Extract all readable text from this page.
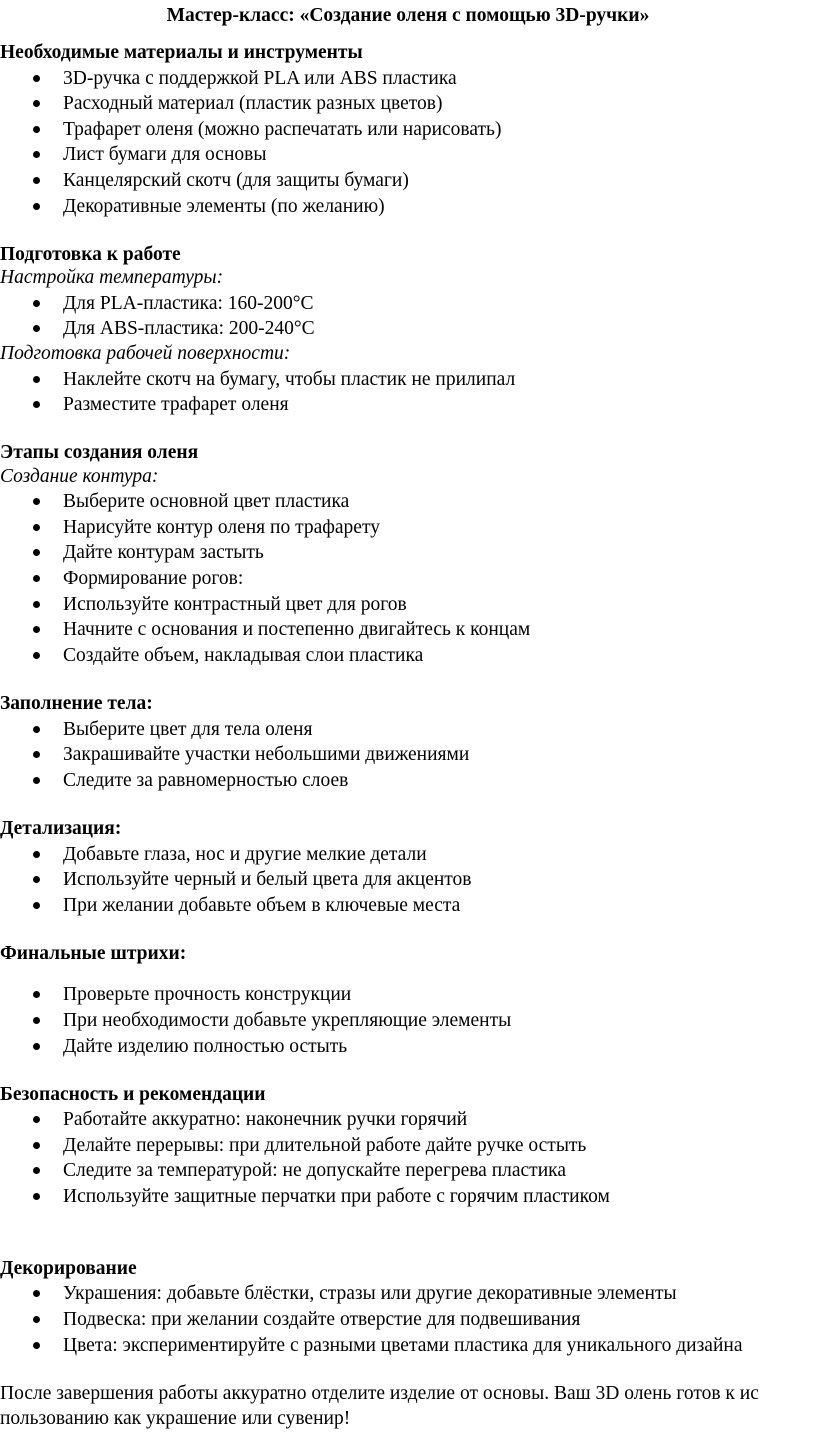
Мастер-класс: «Создание оленя с помощью 3D-ручки»
Необходимые материалы и инструменты
3D-ручка с поддержкой PLA или ABS пластика
Расходный материал (пластик разных цветов)
Трафарет оленя (можно распечатать или нарисовать)
Лист бумаги для основы
Канцелярский скотч (для защиты бумаги)
Декоративные элементы (по желанию)
Подготовка к работе
Настройка температуры:
Для PLA-пластика: 160-200°C
Для ABS-пластика: 200-240°C
Подготовка рабочей поверхности:
Наклейте скотч на бумагу, чтобы пластик не прилипал
Разместите трафарет оленя
Этапы создания оленя
Создание контура:
Выберите основной цвет пластика
Нарисуйте контур оленя по трафарету
Дайте контурам застыть
Формирование рогов:
Используйте контрастный цвет для рогов
Начните с основания и постепенно двигайтесь к концам
Создайте объем, накладывая слои пластика
Заполнение тела:
Выберите цвет для тела оленя
Закрашивайте участки небольшими движениями
Следите за равномерностью слоев
Детализация:
Добавьте глаза, нос и другие мелкие детали
Используйте черный и белый цвета для акцентов
При желании добавьте объем в ключевые места
Финальные штрихи:
Проверьте прочность конструкции
При необходимости добавьте укрепляющие элементы
Дайте изделию полностью остыть
Безопасность и рекомендации
Работайте аккуратно: наконечник ручки горячий
Делайте перерывы: при длительной работе дайте ручке остыть
Следите за температурой: не допускайте перегрева пластика
Используйте защитные перчатки при работе с горячим пластиком
Декорирование
Украшения: добавьте блёстки, стразы или другие декоративные элементы
Подвеска: при желании создайте отверстие для подвешивания
Цвета: экспериментируйте с разными цветами пластика для уникального дизайна
После завершения работы аккуратно отделите изделие от основы. Ваш 3D олень готов к ис
пользованию как украшение или сувенир!
